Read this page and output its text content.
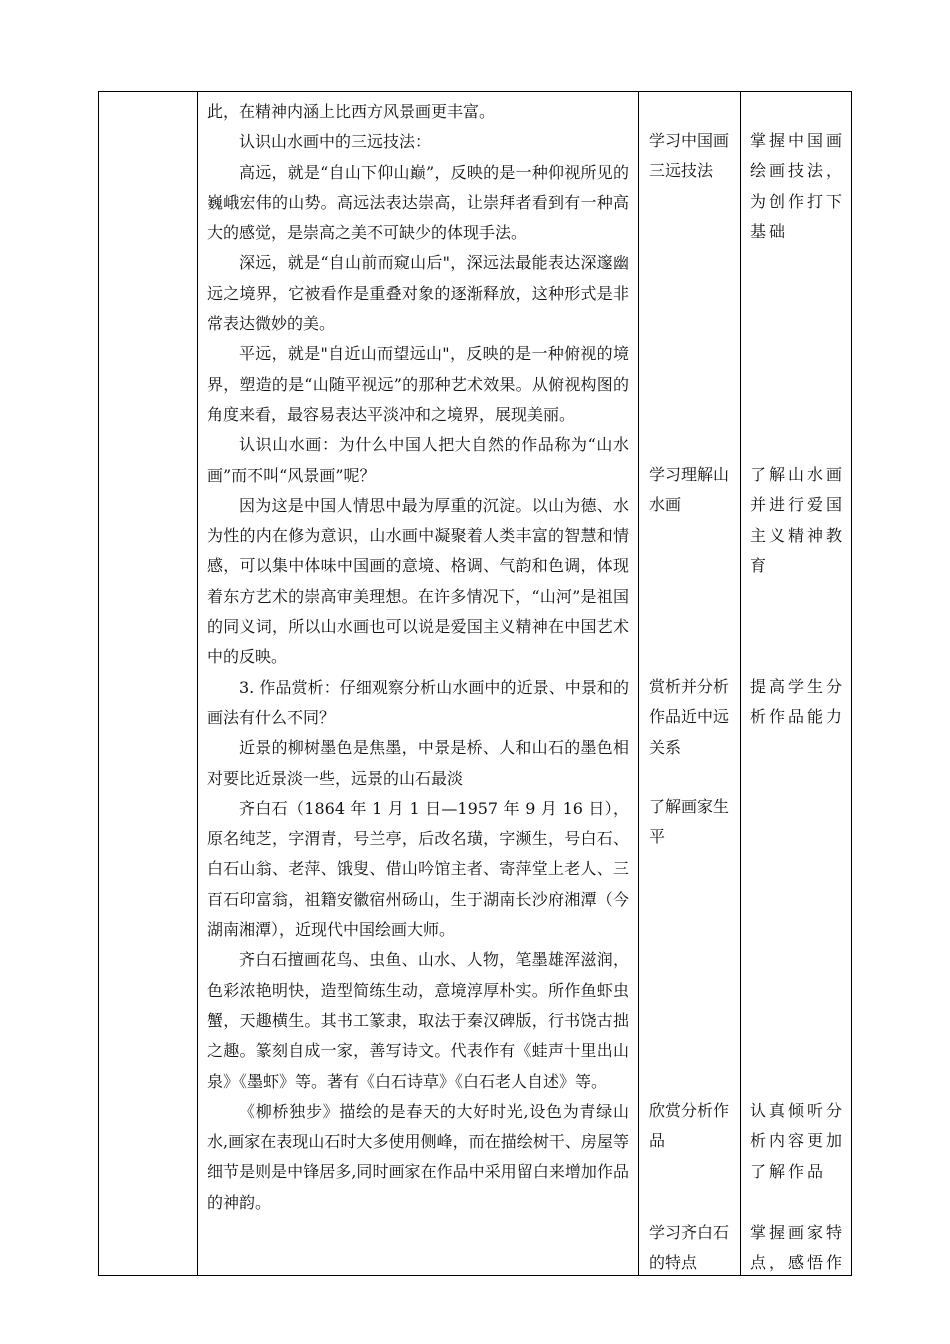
此，在精神内涵上比西方风景画更丰富。

认识山水画中的三远技法：

高远，就是“自山下仰山巅”，反映的是一种仰视所见的巍峨宏伟的山势。高远法表达崇高，让崇拜者看到有一种高大的感觉，是崇高之美不可缺少的体现手法。

深远，就是“自山前而窥山后"，深远法最能表达深邃幽远之境界，它被看作是重叠对象的逐渐释放，这种形式是非常表达微妙的美。

平远，就是"自近山而望远山"，反映的是一种俯视的境界，塑造的是“山随平视远”的那种艺术效果。从俯视构图的角度来看，最容易表达平淡冲和之境界，展现美丽。

认识山水画：为什么中国人把大自然的作品称为“山水画”而不叫“风景画”呢？

因为这是中国人情思中最为厚重的沉淀。以山为德、水为性的内在修为意识，山水画中凝聚着人类丰富的智慧和情感，可以集中体味中国画的意境、格调、气韵和色调，体现着东方艺术的崇高审美理想。在许多情况下，“山河”是祖国的同义词，所以山水画也可以说是爱国主义精神在中国艺术中的反映。

3. 作品赏析：仔细观察分析山水画中的近景、中景和的画法有什么不同？

近景的柳树墨色是焦墨，中景是桥、人和山石的墨色相对要比近景淡一些，远景的山石最淡

齐白石（1864 年 1 月 1 日—1957 年 9 月 16 日），原名纯芝，字渭青，号兰亭，后改名璜，字濒生，号白石、白石山翁、老萍、饿叟、借山吟馆主者、寄萍堂上老人、三百石印富翁，祖籍安徽宿州砀山，生于湖南长沙府湘潭（今湖南湘潭），近现代中国绘画大师。

齐白石擅画花鸟、虫鱼、山水、人物，笔墨雄浑滋润，色彩浓艳明快，造型简练生动，意境淳厚朴实。所作鱼虾虫蟹，天趣横生。其书工篆隶，取法于秦汉碑版，行书饶古拙之趣。篆刻自成一家，善写诗文。代表作有《蛙声十里出山泉》《墨虾》等。著有《白石诗草》《白石老人自述》等。

《柳桥独步》描绘的是春天的大好时光,设色为青绿山水,画家在表现山石时大多使用侧峰，而在描绘树干、房屋等细节是则是中锋居多,同时画家在作品中采用留白来增加作品的神韵。

学习中国画三远技法
学习理解山水画
赏析并分析作品近中远关系
了解画家生平
欣赏分析作品
学习齐白石的特点
掌握中国画绘画技法，为创作打下基础
了解山水画并进行爱国主义精神教育
提高学生分析作品能力
认真倾听分析内容更加了解作品
掌握画家特点，感悟作
